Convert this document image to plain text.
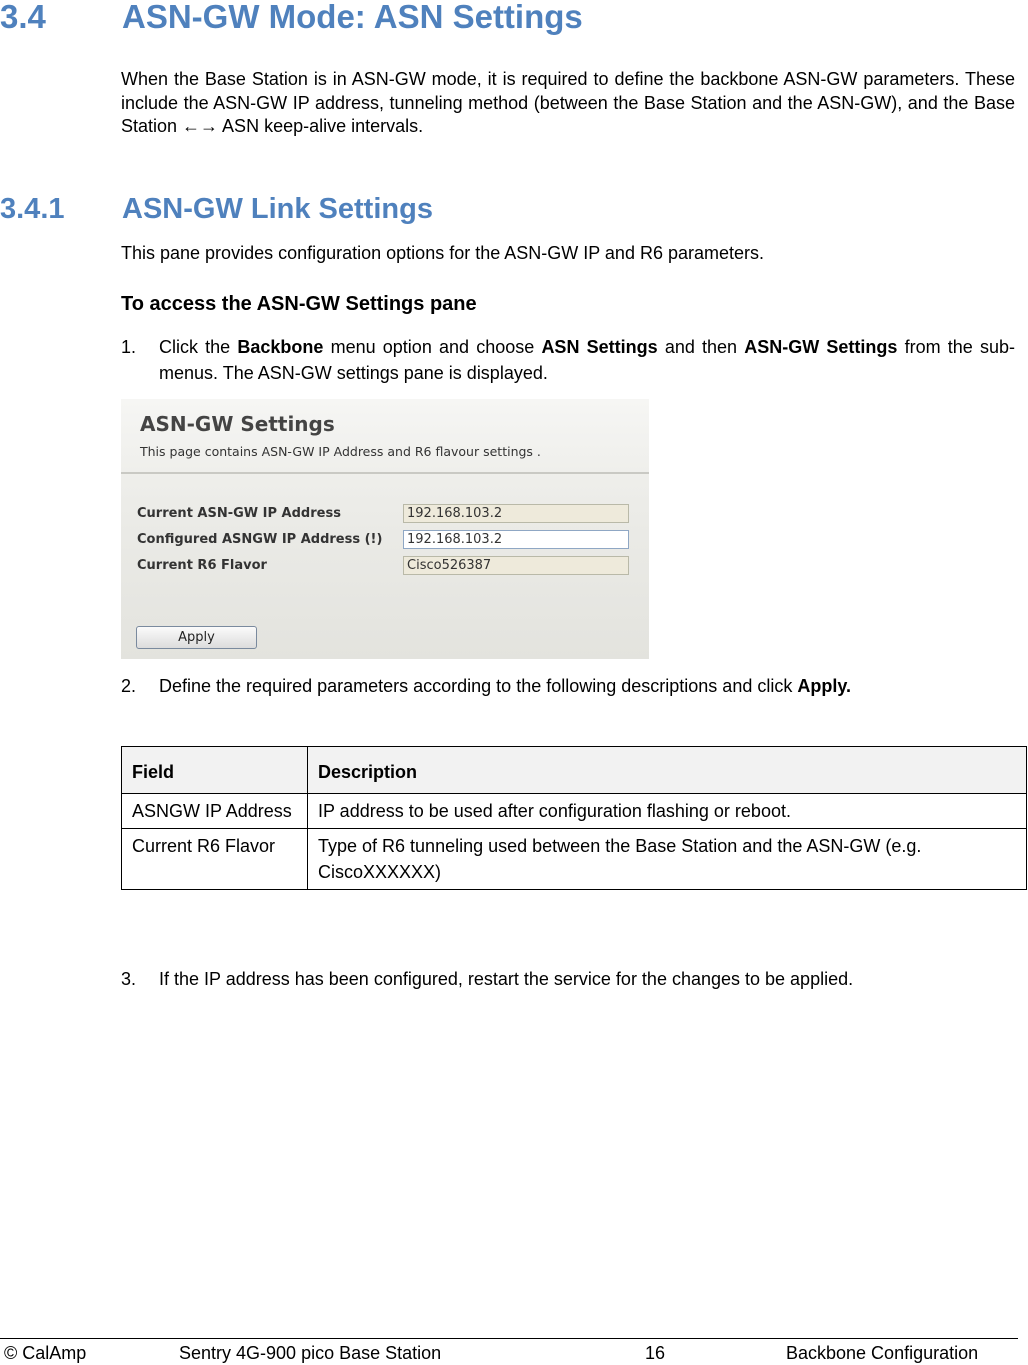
3.4 ASN-GW Mode: ASN Settings
When the Base Station is in ASN-GW mode, it is required to define the backbone ASN-GW parameters. These include the ASN-GW IP address, tunneling method (between the Base Station and the ASN-GW), and the Base Station ←→ ASN keep-alive intervals.
3.4.1 ASN-GW Link Settings
This pane provides configuration options for the ASN-GW IP and R6 parameters.
To access the ASN-GW Settings pane
1. Click the Backbone menu option and choose ASN Settings and then ASN-GW Settings from the sub-menus. The ASN-GW settings pane is displayed.
ASN-GW Settings
This page contains ASN-GW IP Address and R6 flavour settings .
Current ASN-GW IP Address	192.168.103.2
Configured ASNGW IP Address (!)	192.168.103.2
Current R6 Flavor	Cisco526387
Apply
2. Define the required parameters according to the following descriptions and click Apply.
Field	Description
ASNGW IP Address	IP address to be used after configuration flashing or reboot.
Current R6 Flavor	Type of R6 tunneling used between the Base Station and the ASN-GW (e.g. CiscoXXXXXX)
3. If the IP address has been configured, restart the service for the changes to be applied.
© CalAmp	Sentry 4G-900 pico Base Station	16	Backbone Configuration
